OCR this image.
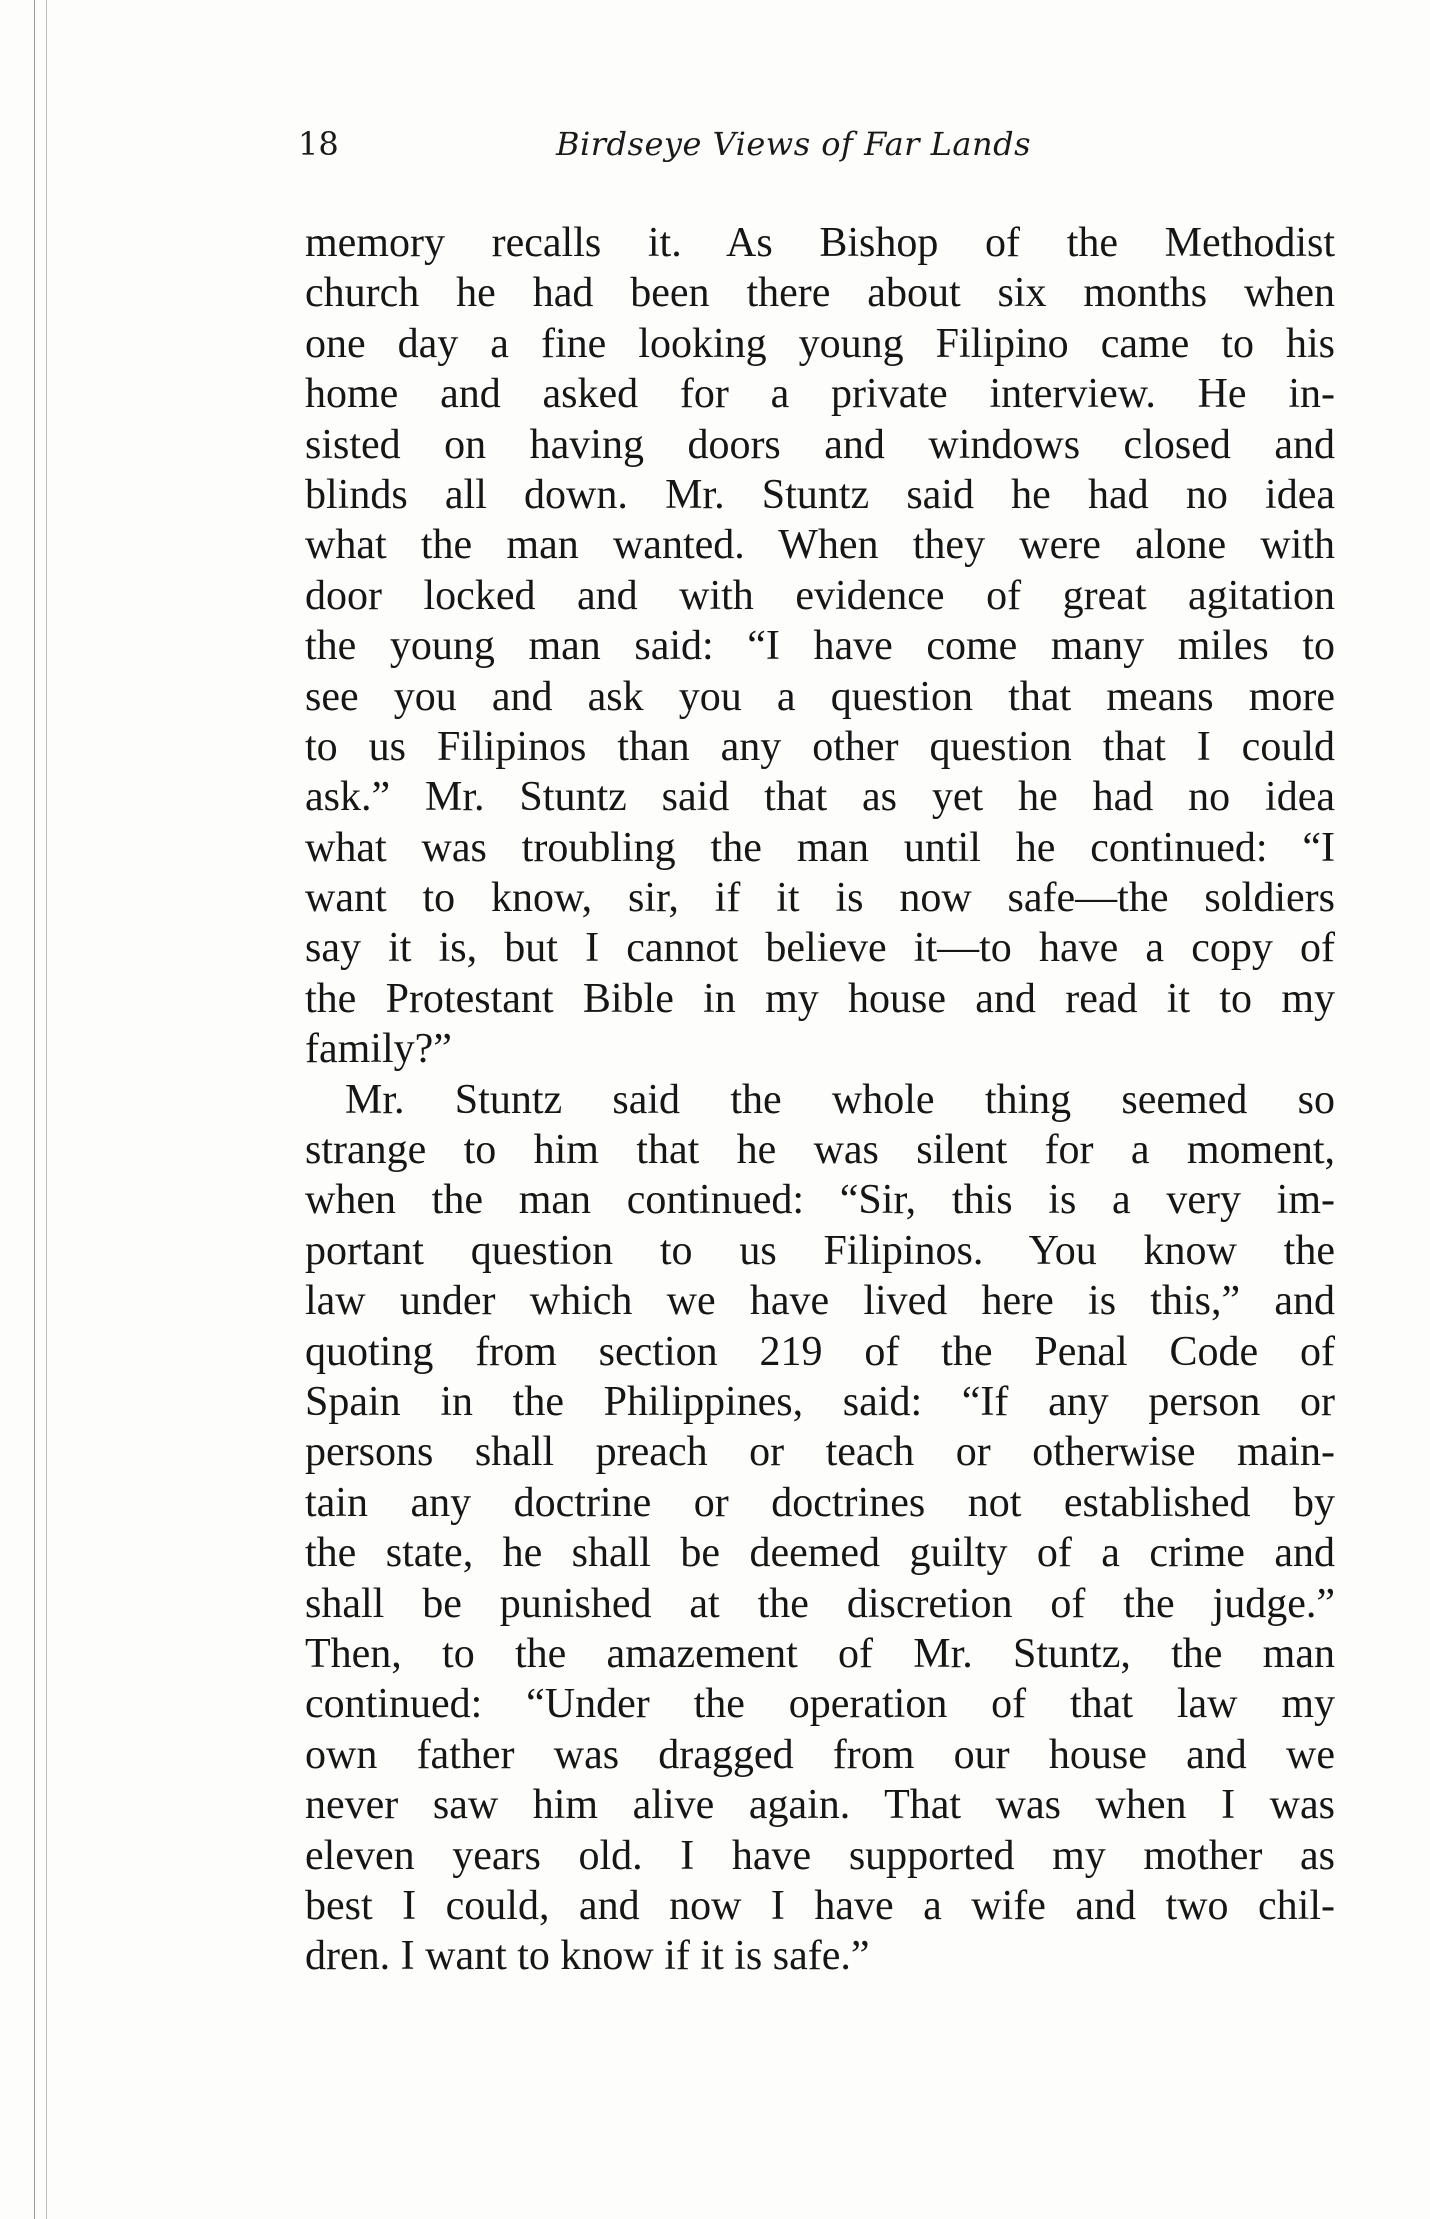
18	Birdseye Views of Far Lands
memory recalls it. As Bishop of the Methodist
church he had been there about six months when
one day a fine looking young Filipino came to his
home and asked for a private interview. He in-
sisted on having doors and windows closed and
blinds all down. Mr. Stuntz said he had no idea
what the man wanted. When they were alone with
door locked and with evidence of great agitation
the young man said: “I have come many miles to
see you and ask you a question that means more
to us Filipinos than any other question that I could
ask.” Mr. Stuntz said that as yet he had no idea
what was troubling the man until he continued: “I
want to know, sir, if it is now safe—the soldiers
say it is, but I cannot believe it—to have a copy of
the Protestant Bible in my house and read it to my
family?”
Mr. Stuntz said the whole thing seemed so
strange to him that he was silent for a moment,
when the man continued: “Sir, this is a very im-
portant question to us Filipinos. You know the
law under which we have lived here is this,” and
quoting from section 219 of the Penal Code of
Spain in the Philippines, said: “If any person or
persons shall preach or teach or otherwise main-
tain any doctrine or doctrines not established by
the state, he shall be deemed guilty of a crime and
shall be punished at the discretion of the judge.”
Then, to the amazement of Mr. Stuntz, the man
continued: “Under the operation of that law my
own father was dragged from our house and we
never saw him alive again. That was when I was
eleven years old. I have supported my mother as
best I could, and now I have a wife and two chil-
dren. I want to know if it is safe.”
